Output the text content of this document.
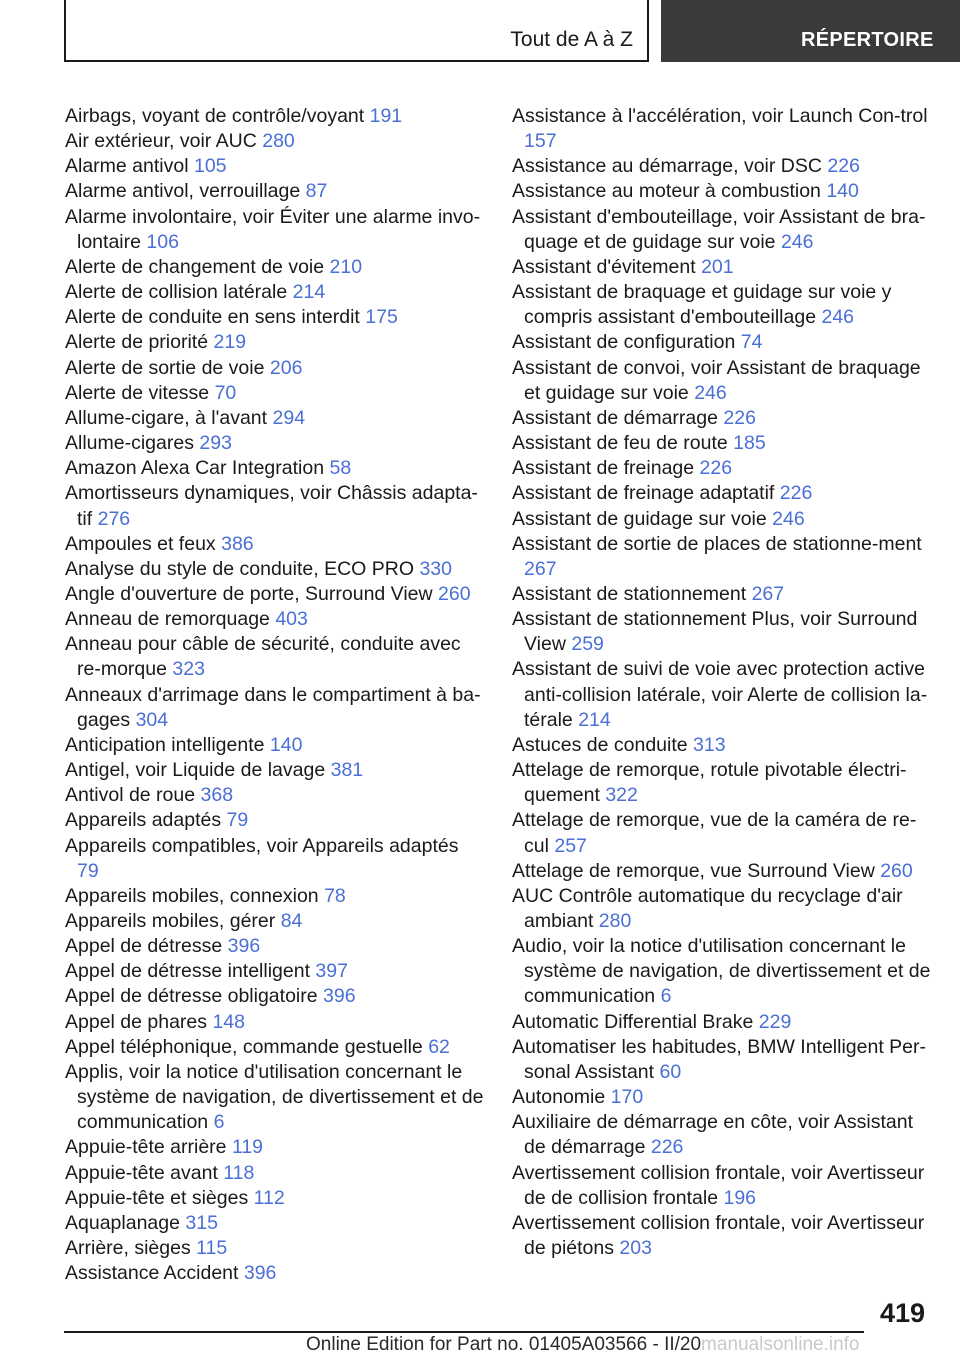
Tout de A à Z	RÉPERTOIRE
Airbags, voyant de contrôle/voyant 191
Air extérieur, voir AUC 280
Alarme antivol 105
Alarme antivol, verrouillage 87
Alarme involontaire, voir Éviter une alarme invo‐lontaire 106
Alerte de changement de voie 210
Alerte de collision latérale 214
Alerte de conduite en sens interdit 175
Alerte de priorité 219
Alerte de sortie de voie 206
Alerte de vitesse 70
Allume-cigare, à l'avant 294
Allume-cigares 293
Amazon Alexa Car Integration 58
Amortisseurs dynamiques, voir Châssis adapta‐tif 276
Ampoules et feux 386
Analyse du style de conduite, ECO PRO 330
Angle d'ouverture de porte, Surround View 260
Anneau de remorquage 403
Anneau pour câble de sécurité, conduite avec re‐morque 323
Anneaux d'arrimage dans le compartiment à ba‐gages 304
Anticipation intelligente 140
Antigel, voir Liquide de lavage 381
Antivol de roue 368
Appareils adaptés 79
Appareils compatibles, voir Appareils adaptés 79
Appareils mobiles, connexion 78
Appareils mobiles, gérer 84
Appel de détresse 396
Appel de détresse intelligent 397
Appel de détresse obligatoire 396
Appel de phares 148
Appel téléphonique, commande gestuelle 62
Applis, voir la notice d'utilisation concernant le système de navigation, de divertissement et de communication 6
Appuie-tête arrière 119
Appuie-tête avant 118
Appuie-tête et sièges 112
Aquaplanage 315
Arrière, sièges 115
Assistance Accident 396
Assistance à l'accélération, voir Launch Con‐trol 157
Assistance au démarrage, voir DSC 226
Assistance au moteur à combustion 140
Assistant d'embouteillage, voir Assistant de bra‐quage et de guidage sur voie 246
Assistant d'évitement 201
Assistant de braquage et guidage sur voie y compris assistant d'embouteillage 246
Assistant de configuration 74
Assistant de convoi, voir Assistant de braquage et guidage sur voie 246
Assistant de démarrage 226
Assistant de feu de route 185
Assistant de freinage 226
Assistant de freinage adaptatif 226
Assistant de guidage sur voie 246
Assistant de sortie de places de stationne‐ment 267
Assistant de stationnement 267
Assistant de stationnement Plus, voir Surround View 259
Assistant de suivi de voie avec protection active anti-collision latérale, voir Alerte de collision la‐térale 214
Astuces de conduite 313
Attelage de remorque, rotule pivotable électri‐quement 322
Attelage de remorque, vue de la caméra de re‐cul 257
Attelage de remorque, vue Surround View 260
AUC Contrôle automatique du recyclage d'air ambiant 280
Audio, voir la notice d'utilisation concernant le système de navigation, de divertissement et de communication 6
Automatic Differential Brake 229
Automatiser les habitudes, BMW Intelligent Per‐sonal Assistant 60
Autonomie 170
Auxiliaire de démarrage en côte, voir Assistant de démarrage 226
Avertissement collision frontale, voir Avertisseur de de collision frontale 196
Avertissement collision frontale, voir Avertisseur de piétons 203
419
Online Edition for Part no. 01405A03566 - II/20manualsonline.info
